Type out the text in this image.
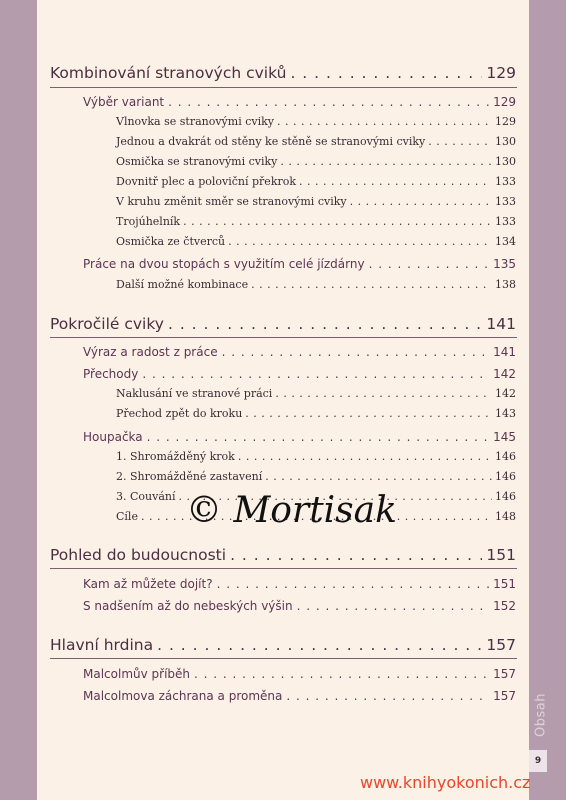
Kombinování stranových cviků . . .	129
Výběr variant . . .	129
Vlnovka se stranovými cviky . . .	129
Jednou a dvakrát od stěny ke stěně se stranovými cviky . . .	130
Osmička se stranovými cviky . . .	130
Dovnitř plec a poloviční překrok . . .	133
V kruhu změnit směr se stranovými cviky . . .	133
Trojúhelník . . .	133
Osmička ze čtverců . . .	134
Práce na dvou stopách s využitím celé jízdárny . . .	135
Další možné kombinace . . .	138
Pokročilé cviky . . .	141
Výraz a radost z práce . . .	141
Přechody . . .	142
Naklusání ve stranové práci . . .	142
Přechod zpět do kroku . . .	143
Houpačka . . .	145
1. Shromážděný krok . . .	146
2. Shromážděné zastavení . . .	146
3. Couvání . . .	146
Cíle . . .	148
Pohled do budoucnosti . . .	151
Kam až můžete dojít? . . .	151
S nadšením až do nebeských výšin . . .	152
Hlavní hrdina . . .	157
Malcolmův příběh . . .	157
Malcolmova záchrana a proměna . . .	157 Obsah
9
© Mortisak
www.knihyokonich.cz
